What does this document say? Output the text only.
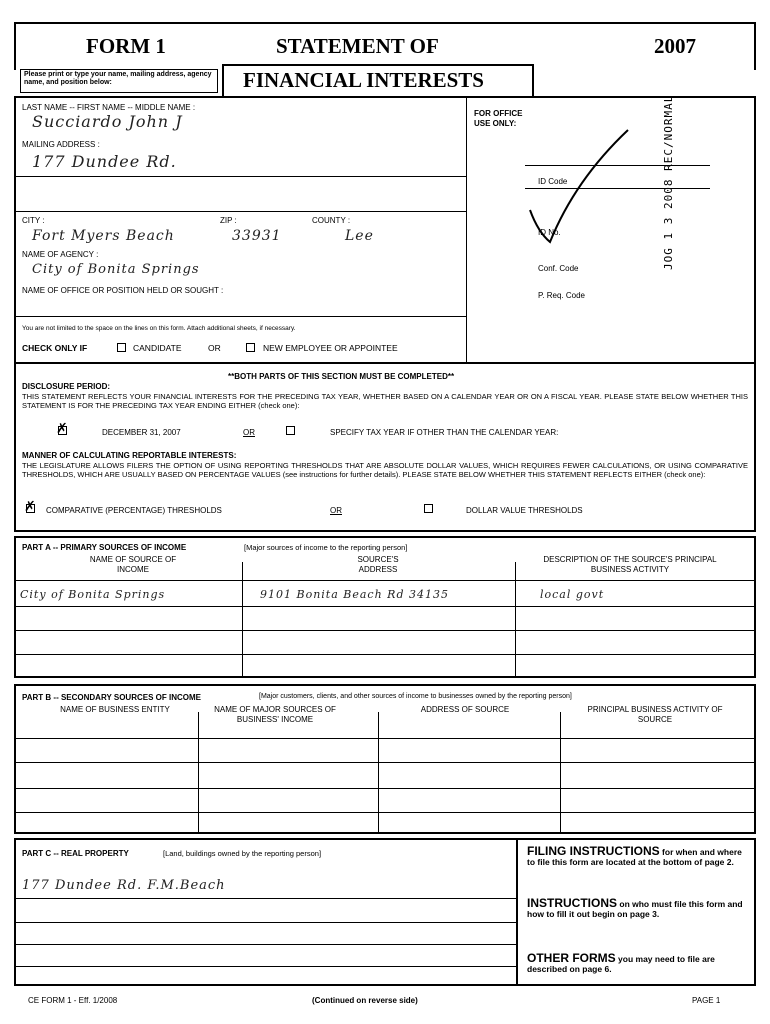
FORM 1	STATEMENT OF	2007
Please print or type your name, mailing address, agency name, and position below:	FINANCIAL INTERESTS
LAST NAME -- FIRST NAME -- MIDDLE NAME :
Succiardo John J
MAILING ADDRESS :
177 Dundee Rd.
CITY :	ZIP :	COUNTY :
Fort Myers Beach	33931	Lee
NAME OF AGENCY :
City of Bonita Springs
NAME OF OFFICE OR POSITION HELD OR SOUGHT :
You are not limited to the space on the lines on this form. Attach additional sheets, if necessary.
CHECK ONLY IF	CANDIDATE	OR	NEW EMPLOYEE OR APPOINTEE
FOR OFFICE USE ONLY:
ID Code
ID No.
Conf. Code
P. Req. Code
JOG 1 3 2008 REC/NORMAL
**BOTH PARTS OF THIS SECTION MUST BE COMPLETED**
DISCLOSURE PERIOD:
THIS STATEMENT REFLECTS YOUR FINANCIAL INTERESTS FOR THE PRECEDING TAX YEAR, WHETHER BASED ON A CALENDAR YEAR OR ON A FISCAL YEAR. PLEASE STATE BELOW WHETHER THIS STATEMENT IS FOR THE PRECEDING TAX YEAR ENDING EITHER (check one):
✗	DECEMBER 31, 2007	OR	SPECIFY TAX YEAR IF OTHER THAN THE CALENDAR YEAR:
MANNER OF CALCULATING REPORTABLE INTERESTS:
THE LEGISLATURE ALLOWS FILERS THE OPTION OF USING REPORTING THRESHOLDS THAT ARE ABSOLUTE DOLLAR VALUES, WHICH REQUIRES FEWER CALCULATIONS, OR USING COMPARATIVE THRESHOLDS, WHICH ARE USUALLY BASED ON PERCENTAGE VALUES (see instructions for further details). PLEASE STATE BELOW WHETHER THIS STATEMENT REFLECTS EITHER (check one):
✗ COMPARATIVE (PERCENTAGE) THRESHOLDS	OR	DOLLAR VALUE THRESHOLDS
PART A -- PRIMARY SOURCES OF INCOME	[Major sources of income to the reporting person]
NAME OF SOURCE OF INCOME
SOURCE'S ADDRESS
DESCRIPTION OF THE SOURCE'S PRINCIPAL BUSINESS ACTIVITY
City of Bonita Springs	9101 Bonita Beach Rd 34135	local govt
PART B -- SECONDARY SOURCES OF INCOME	[Major customers, clients, and other sources of income to businesses owned by the reporting person]
NAME OF BUSINESS ENTITY	NAME OF MAJOR SOURCES OF BUSINESS' INCOME
ADDRESS OF SOURCE	PRINCIPAL BUSINESS ACTIVITY OF SOURCE
PART C -- REAL PROPERTY	[Land, buildings owned by the reporting person]
177 Dundee Rd. F.M.Beach
FILING INSTRUCTIONS for when and where to file this form are located at the bottom of page 2.
INSTRUCTIONS on who must file this form and how to fill it out begin on page 3.
OTHER FORMS you may need to file are described on page 6.
CE FORM 1 - Eff. 1/2008	(Continued on reverse side)	PAGE 1
